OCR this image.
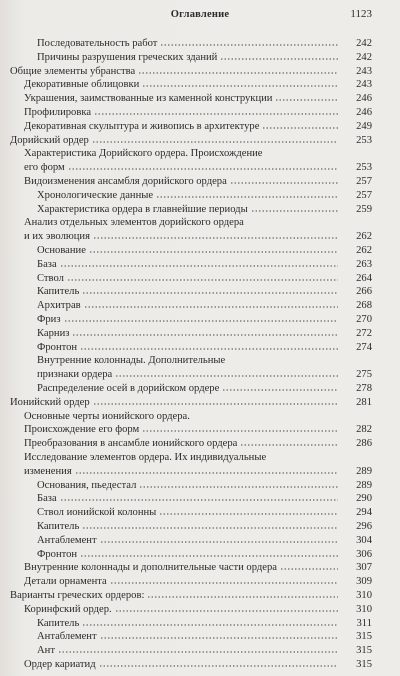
Оглавление	1123
Последовательность работ	242
Причины разрушения греческих зданий	242
Общие элементы убранства	243
Декоративные облицовки	243
Украшения, заимствованные из каменной конструкции	246
Профилировка	246
Декоративная скульптура и живопись в архитектуре	249
Дорийский ордер	253
Характеристика Дорийского ордера. Происхождение
его форм	253
Видоизменения ансамбля дорийского ордера	257
Хронологические данные	257
Характеристика ордера в главнейшие периоды	259
Анализ отдельных элементов дорийского ордера
и их эволюция	262
Основание	262
База	263
Ствол	264
Капитель	266
Архитрав	268
Фриз	270
Карниз	272
Фронтон	274
Внутренние колоннады. Дополнительные
признаки ордера	275
Распределение осей в дорийском ордере	278
Ионийский ордер	281
Основные черты ионийского ордера.
Происхождение его форм	282
Преобразования в ансамбле ионийского ордера	286
Исследование элементов ордера. Их индивидуальные
изменения	289
Основания, пьедестал	289
База	290
Ствол ионийской колонны	294
Капитель	296
Антаблемент	304
Фронтон	306
Внутренние колоннады и дополнительные части ордера	307
Детали орнамента	309
Варианты греческих ордеров:	310
Коринфский ордер.	310
Капитель	311
Антаблемент	315
Ант	315
Ордер кариатид	315
